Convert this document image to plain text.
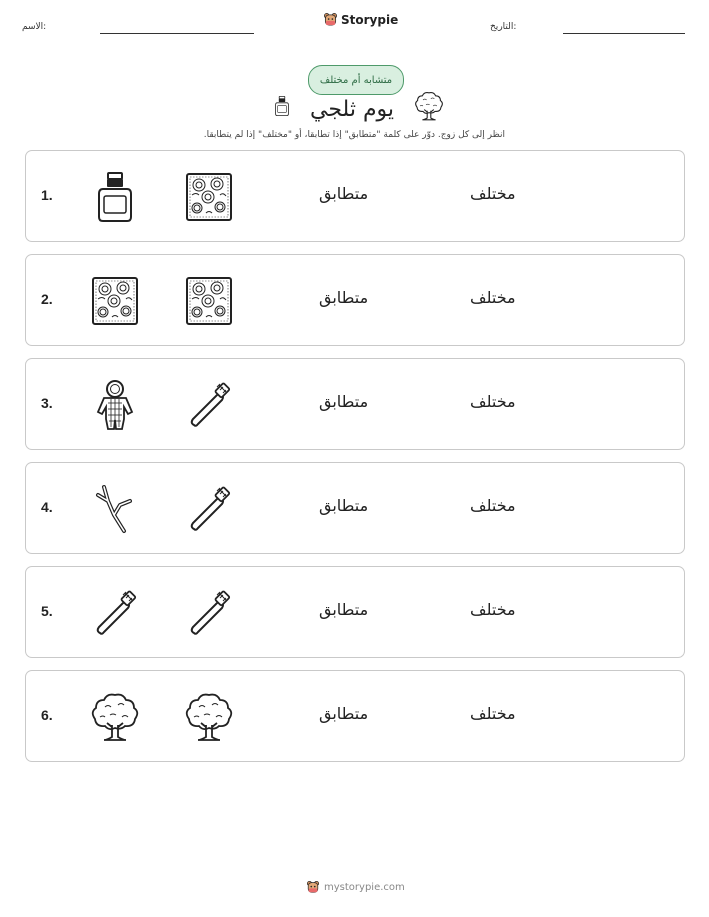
الاسم:
Storypie
التاريخ:
متشابه أم مختلف
يوم ثلجي
انظر إلى كل زوج. دوّر على كلمة "متطابق" إذا تطابقا، أو "مختلف" إذا لم يتطابقا.
1.	متطابق	مختلف
2.	متطابق	مختلف
3.	متطابق	مختلف
4.	متطابق	مختلف
5.	متطابق	مختلف
6.	متطابق	مختلف
mystorypie.com
